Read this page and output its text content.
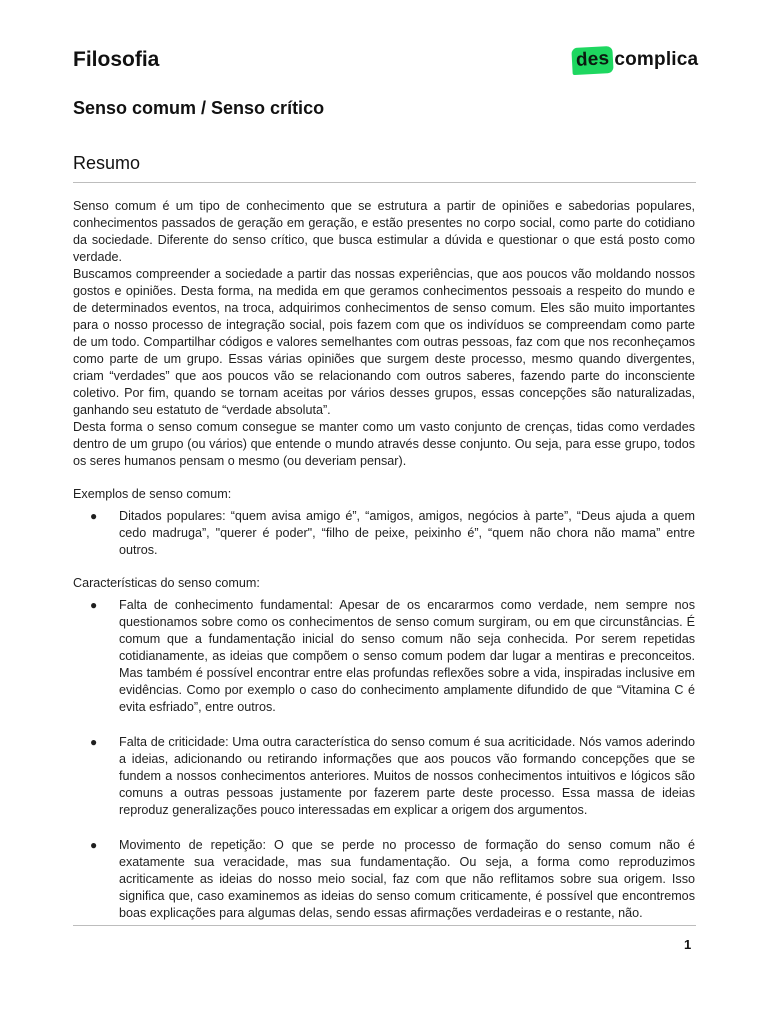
Filosofia	des complica
Senso comum / Senso crítico
Resumo

Senso comum é um tipo de conhecimento que se estrutura a partir de opiniões e sabedorias populares, conhecimentos passados de geração em geração, e estão presentes no corpo social, como parte do cotidiano da sociedade. Diferente do senso crítico, que busca estimular a dúvida e questionar o que está posto como verdade.

Buscamos compreender a sociedade a partir das nossas experiências, que aos poucos vão moldando nossos gostos e opiniões. Desta forma, na medida em que geramos conhecimentos pessoais a respeito do mundo e de determinados eventos, na troca, adquirimos conhecimentos de senso comum. Eles são muito importantes para o nosso processo de integração social, pois fazem com que os indivíduos se compreendam como parte de um todo. Compartilhar códigos e valores semelhantes com outras pessoas, faz com que nos reconheçamos como parte de um grupo. Essas várias opiniões que surgem deste processo, mesmo quando divergentes, criam “verdades” que aos poucos vão se relacionando com outros saberes, fazendo parte do inconsciente coletivo. Por fim, quando se tornam aceitas por vários desses grupos, essas concepções são naturalizadas, ganhando seu estatuto de “verdade absoluta”.

Desta forma o senso comum consegue se manter como um vasto conjunto de crenças, tidas como verdades dentro de um grupo (ou vários) que entende o mundo através desse conjunto. Ou seja, para esse grupo, todos os seres humanos pensam o mesmo (ou deveriam pensar).

Exemplos de senso comum:

● Ditados populares: “quem avisa amigo é”, “amigos, amigos, negócios à parte”, “Deus ajuda a quem cedo madruga”, "querer é poder", “filho de peixe, peixinho é”, “quem não chora não mama” entre outros.

Características do senso comum:

● Falta de conhecimento fundamental: Apesar de os encararmos como verdade, nem sempre nos questionamos sobre como os conhecimentos de senso comum surgiram, ou em que circunstâncias. É comum que a fundamentação inicial do senso comum não seja conhecida. Por serem repetidas cotidianamente, as ideias que compõem o senso comum podem dar lugar a mentiras e preconceitos. Mas também é possível encontrar entre elas profundas reflexões sobre a vida, inspiradas inclusive em evidências. Como por exemplo o caso do conhecimento amplamente difundido de que “Vitamina C é evita esfriado”, entre outros.
● Falta de criticidade: Uma outra característica do senso comum é sua acriticidade. Nós vamos aderindo a ideias, adicionando ou retirando informações que aos poucos vão formando concepções que se fundem a nossos conhecimentos anteriores. Muitos de nossos conhecimentos intuitivos e lógicos são comuns a outras pessoas justamente por fazerem parte deste processo. Essa massa de ideias reproduz generalizações pouco interessadas em explicar a origem dos argumentos.
● Movimento de repetição: O que se perde no processo de formação do senso comum não é exatamente sua veracidade, mas sua fundamentação. Ou seja, a forma como reproduzimos acriticamente as ideias do nosso meio social, faz com que não reflitamos sobre sua origem. Isso significa que, caso examinemos as ideias do senso comum criticamente, é possível que encontremos boas explicações para algumas delas, sendo essas afirmações verdadeiras e o restante, não.
1
